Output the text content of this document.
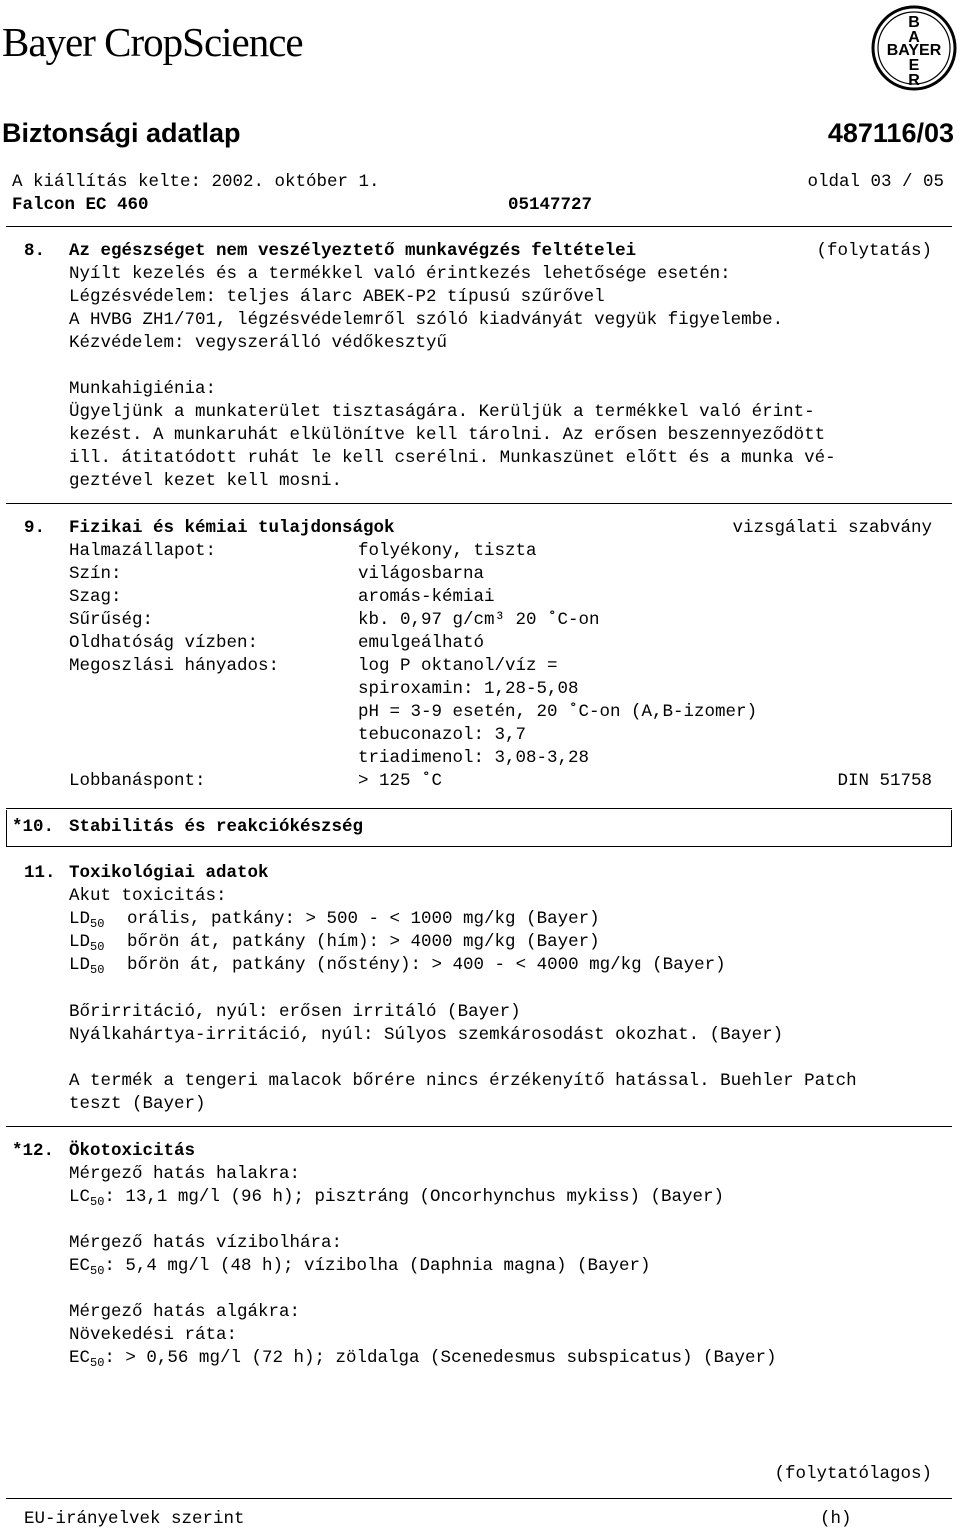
Bayer CropScience	B
A
BAYER
E
R
Biztonsági adatlap	487116/03
A kiállítás kelte: 2002. október 1.	oldal 03 / 05
Falcon EC 460	05147727
8. Az egészséget nem veszélyeztető munkavégzés feltételei	(folytatás)
Nyílt kezelés és a termékkel való érintkezés lehetősége esetén:
Légzésvédelem: teljes álarc ABEK-P2 típusú szűrővel
A HVBG ZH1/701, légzésvédelemről szóló kiadványát vegyük figyelembe.
Kézvédelem: vegyszerálló védőkesztyű
Munkahigiénia:
Ügyeljünk a munkaterület tisztaságára. Kerüljük a termékkel való érint-
kezést. A munkaruhát elkülönítve kell tárolni. Az erősen beszennyeződött
ill. átitatódott ruhát le kell cserélni. Munkaszünet előtt és a munka vé-
geztével kezet kell mosni.
9. Fizikai és kémiai tulajdonságok	vizsgálati szabvány
Halmazállapot:	folyékony, tiszta
Szín:	világosbarna
Szag:	aromás-kémiai
Sűrűség:	kb. 0,97 g/cm³ 20 ˚C-on
Oldhatóság vízben:	emulgeálható
Megoszlási hányados:	log P oktanol/víz =
spiroxamin: 1,28-5,08
pH = 3-9 esetén, 20 ˚C-on (A,B-izomer)
tebuconazol: 3,7
triadimenol: 3,08-3,28
Lobbanáspont:	> 125 ˚C	DIN 51758
*10. Stabilitás és reakciókészség
11. Toxikológiai adatok
Akut toxicitás:
$LD_{50}$ orális, patkány: > 500 - < 1000 mg/kg (Bayer)
$LD_{50}$ bőrön át, patkány (hím): > 4000 mg/kg (Bayer)
$LD_{50}$ bőrön át, patkány (nőstény): > 400 - < 4000 mg/kg (Bayer)
Bőrirritáció, nyúl: erősen irritáló (Bayer)
Nyálkahártya-irritáció, nyúl: Súlyos szemkárosodást okozhat. (Bayer)
A termék a tengeri malacok bőrére nincs érzékenyítő hatással. Buehler Patch
teszt (Bayer)
*12. Ökotoxicitás
Mérgező hatás halakra:
$LC_{50}$: 13,1 mg/l (96 h); pisztráng (Oncorhynchus mykiss) (Bayer)
Mérgező hatás vízibolhára:
$EC_{50}$: 5,4 mg/l (48 h); vízibolha (Daphnia magna) (Bayer)
Mérgező hatás algákra:
Növekedési ráta:
$EC_{50}$: > 0,56 mg/l (72 h); zöldalga (Scenedesmus subspicatus) (Bayer)
(folytatólagos)
EU-irányelvek szerint	(h)
